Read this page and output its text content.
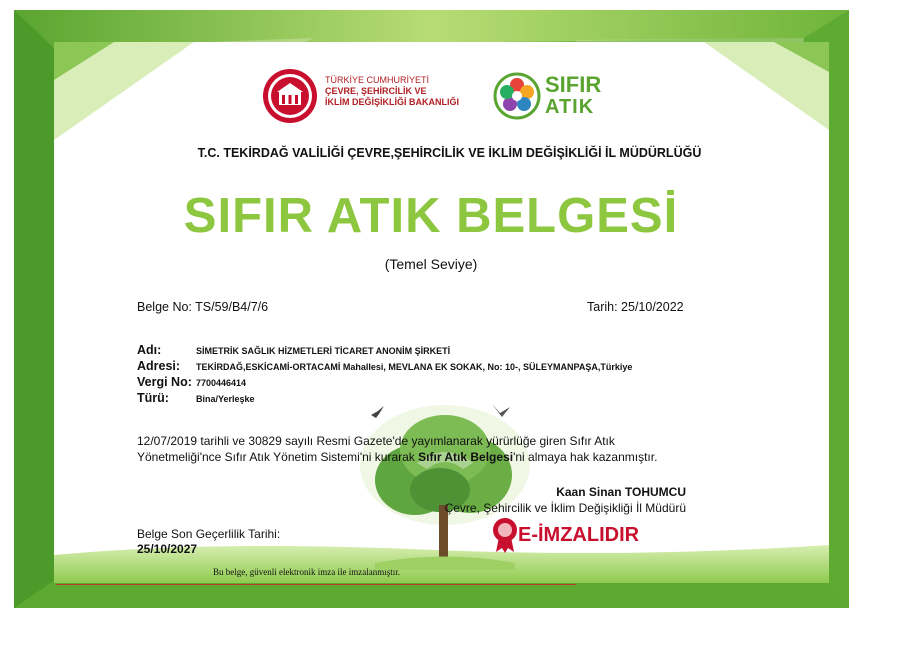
TÜRKİYE CUMHURİYETİ
ÇEVRE, ŞEHİRCİLİK VE
İKLİM DEĞİŞİKLİĞİ BAKANLIĞI
SIFIR
ATIK
T.C. TEKİRDAĞ VALİLİĞİ ÇEVRE,ŞEHİRCİLİK VE İKLİM DEĞİŞİKLİĞİ İL MÜDÜRLÜĞÜ
SIFIR ATIK BELGESİ
(Temel Seviye)
Belge No: TS/59/B4/7/6	Tarih: 25/10/2022
Adı:	SİMETRİK SAĞLIK HİZMETLERİ TİCARET ANONİM ŞİRKETİ
Adresi: TEKİRDAĞ,ESKİCAMİ-ORTACAMİ Mahallesi, MEVLANA EK SOKAK, No: 10-, SÜLEYMANPAŞA,Türkiye
Vergi No: 7700446414
Türü:	Bina/Yerleşke
12/07/2019 tarihli ve 30829 sayılı Resmi Gazete'de yayımlanarak yürürlüğe giren Sıfır Atık
Yönetmeliği'nce Sıfır Atık Yönetim Sistemi'ni kurarak Sıfır Atık Belgesi'ni almaya hak kazanmıştır.
Kaan Sinan TOHUMCU
Çevre, Şehircilik ve İklim Değişikliği İl Müdürü
Belge Son Geçerlilik Tarihi:
25/10/2027
E-İMZALIDIR
Bu belge, güvenli elektronik imza ile imzalanmıştır.
